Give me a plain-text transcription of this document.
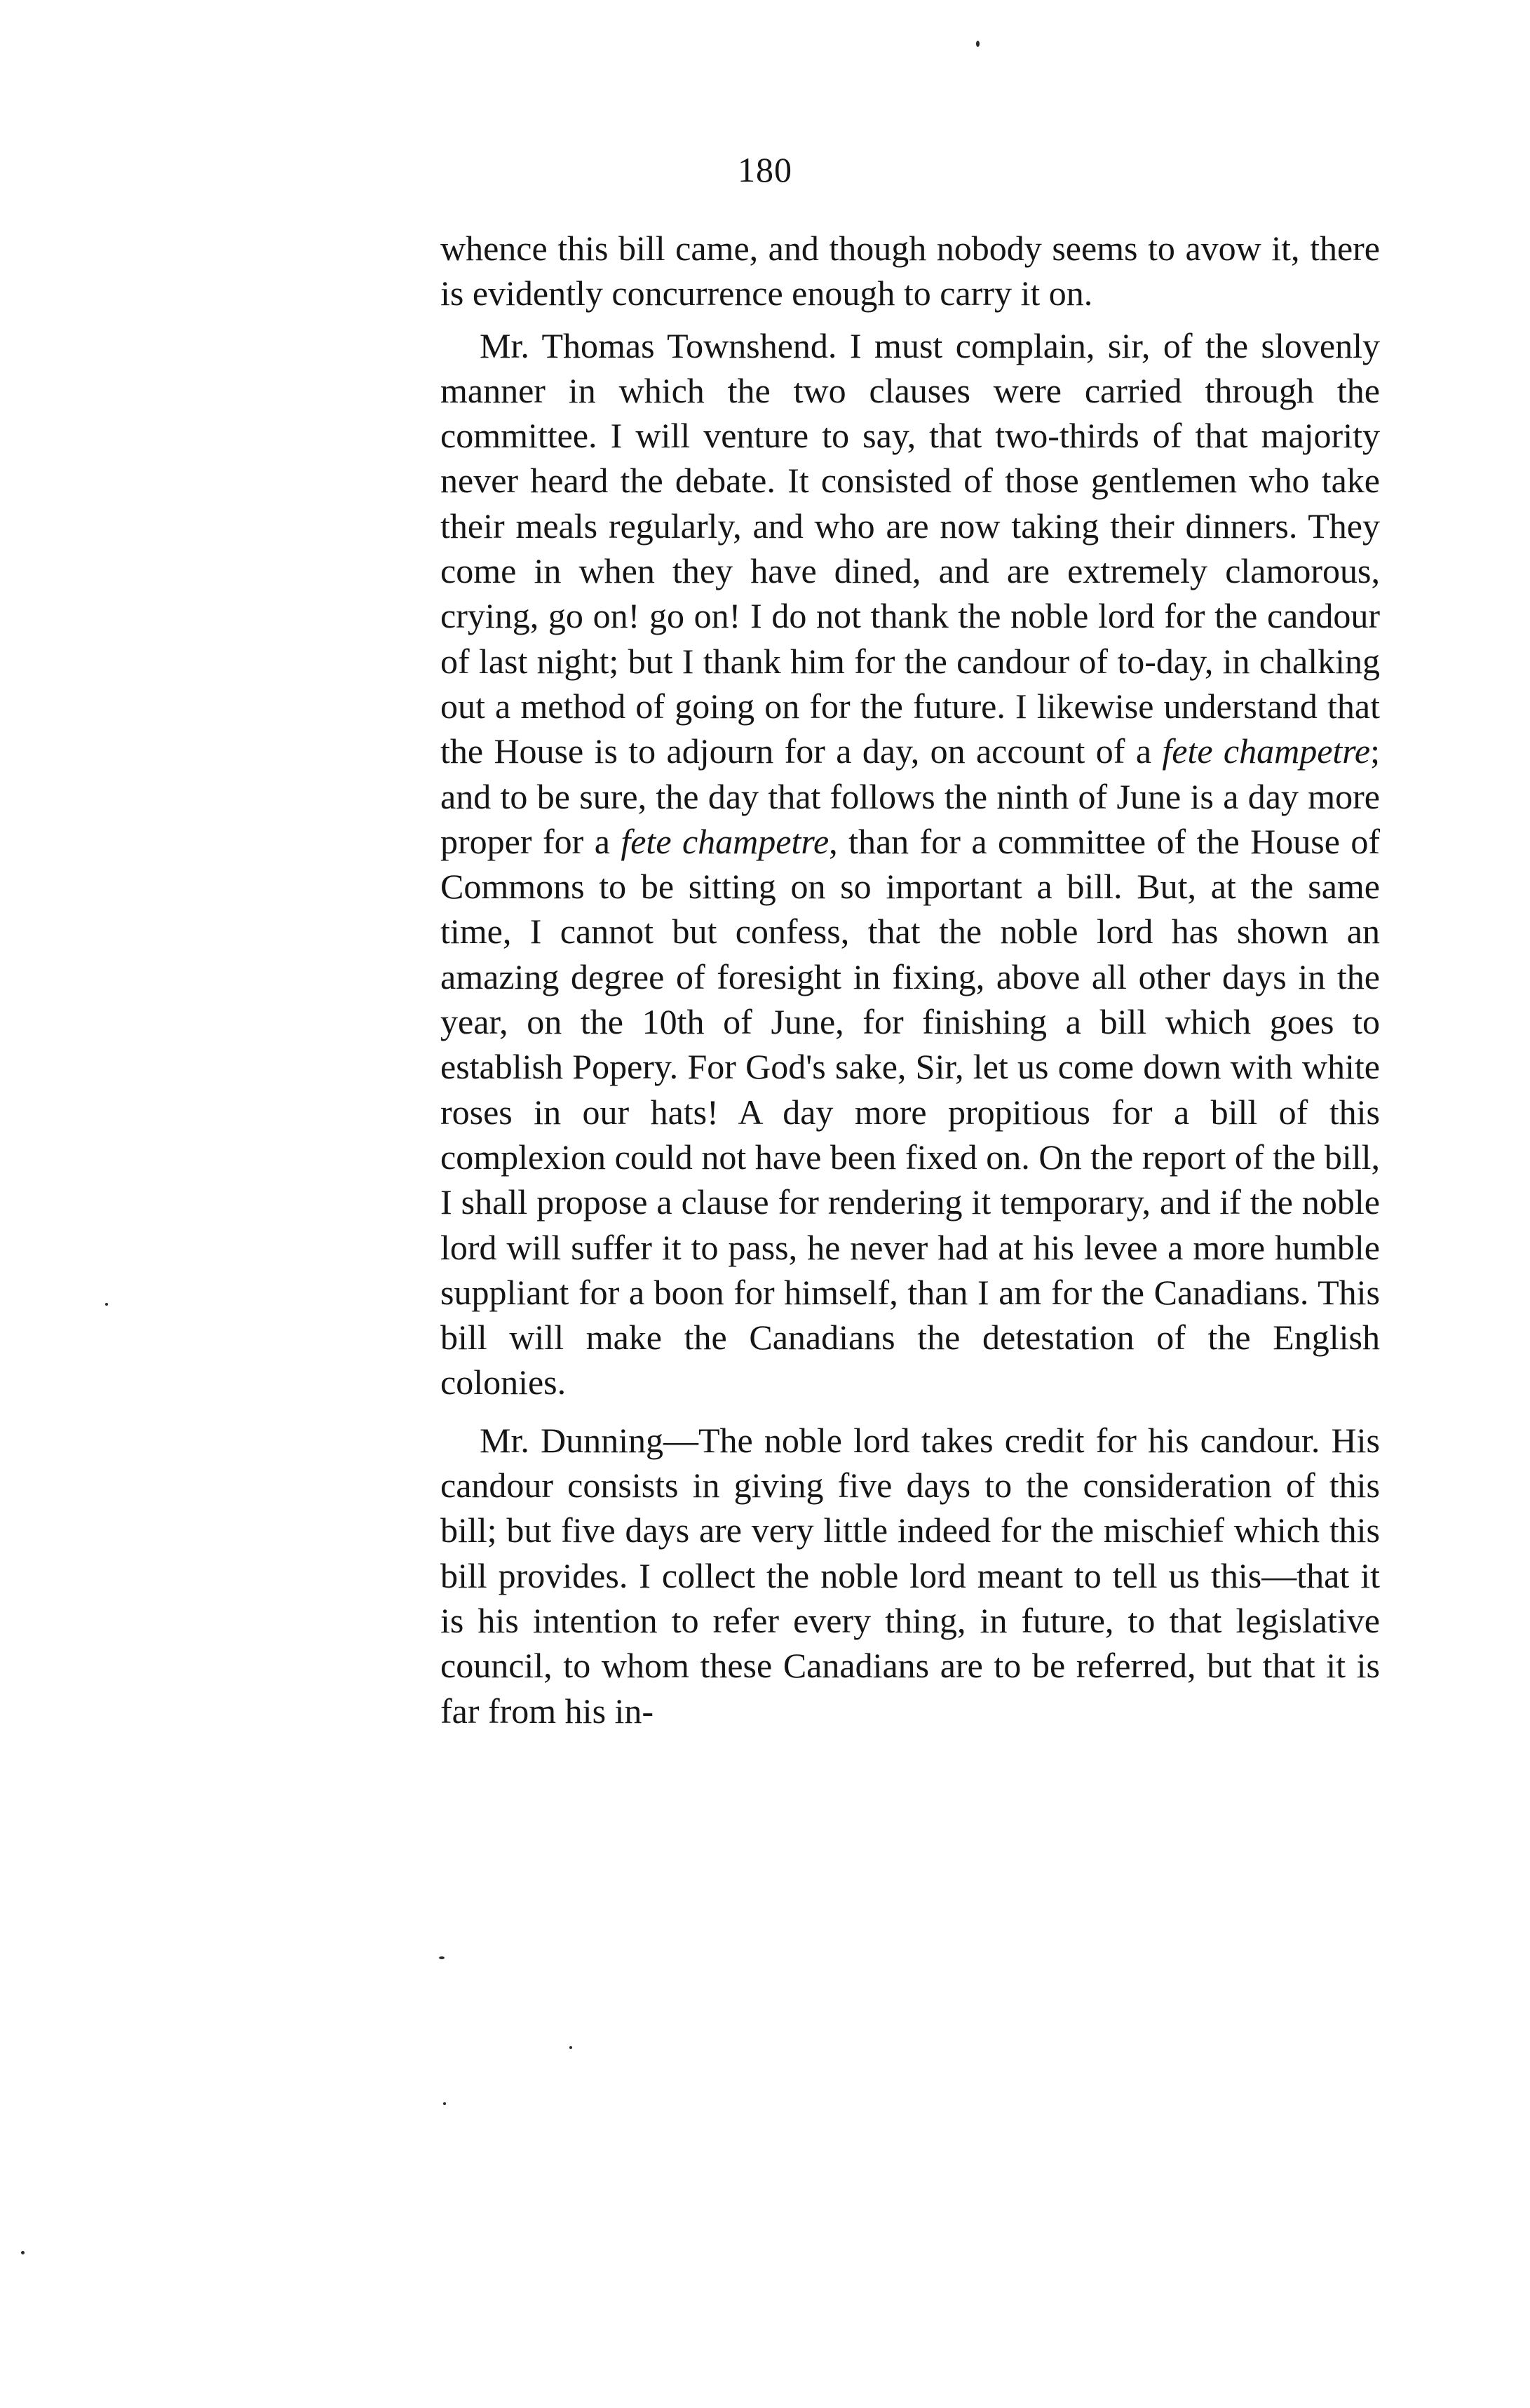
180

whence this bill came, and though nobody seems to avow it, there is evidently concurrence enough to carry it on.

Mr. Thomas Townshend. I must complain, sir, of the slovenly manner in which the two clauses were carried through the committee. I will venture to say, that two-thirds of that majority never heard the debate. It consisted of those gentlemen who take their meals regularly, and who are now taking their dinners. They come in when they have dined, and are extremely clamorous, crying, go on! go on! I do not thank the noble lord for the candour of last night; but I thank him for the candour of to-day, in chalking out a method of going on for the future. I likewise understand that the House is to adjourn for a day, on account of a fete champetre; and to be sure, the day that follows the ninth of June is a day more proper for a fete champetre, than for a committee of the House of Commons to be sitting on so important a bill. But, at the same time, I cannot but confess, that the noble lord has shown an amazing degree of foresight in fixing, above all other days in the year, on the 10th of June, for finishing a bill which goes to establish Popery. For God's sake, Sir, let us come down with white roses in our hats! A day more propitious for a bill of this complexion could not have been fixed on. On the report of the bill, I shall propose a clause for rendering it temporary, and if the noble lord will suffer it to pass, he never had at his levee a more humble suppliant for a boon for himself, than I am for the Canadians. This bill will make the Canadians the detestation of the English colonies.

Mr. Dunning—The noble lord takes credit for his candour. His candour consists in giving five days to the consideration of this bill; but five days are very little indeed for the mischief which this bill provides. I collect the noble lord meant to tell us this—that it is his intention to refer every thing, in future, to that legislative council, to whom these Canadians are to be referred, but that it is far from his in-
